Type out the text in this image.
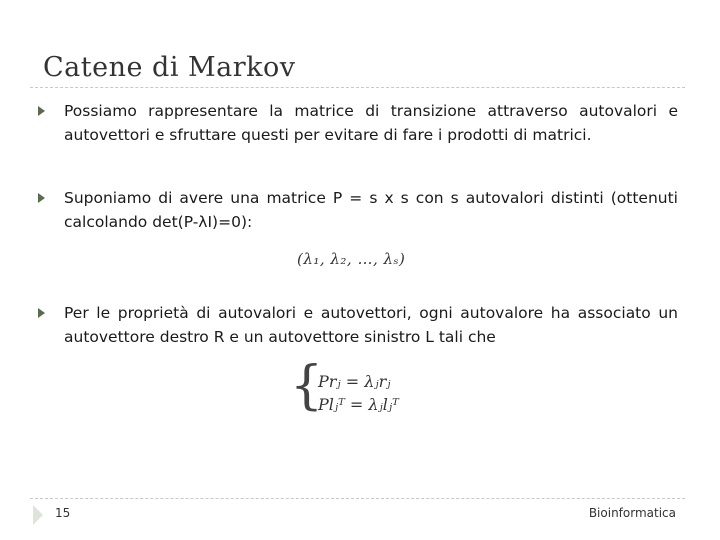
Catene di Markov
Possiamo rappresentare la matrice di transizione attraverso autovalori e autovettori e sfruttare questi per evitare di fare i prodotti di matrici.
Suponiamo di avere una matrice P = s x s con s autovalori distinti (ottenuti calcolando det(P-λI)=0):
(λ₁, λ₂, …, λₛ)
Per le proprietà di autovalori e autovettori, ogni autovalore ha associato un autovettore destro R e un autovettore sinistro L tali che
{
Prⱼ = λⱼrⱼ
Plⱼᵀ = λⱼlⱼᵀ
15	Bioinformatica
